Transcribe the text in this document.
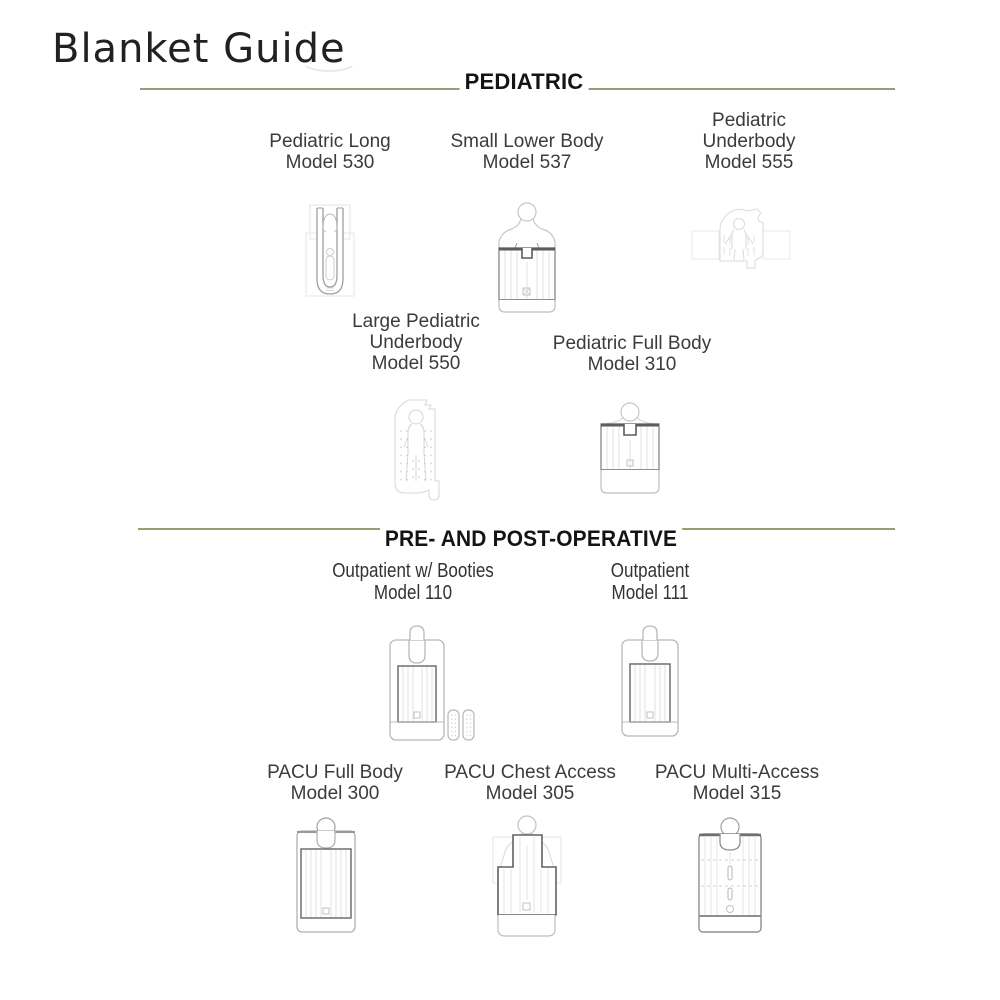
Blanket Guide
PEDIATRIC
Pediatric Long
Model 530
Small Lower Body
Model 537
Pediatric Underbody
Model 555
Large Pediatric Underbody
Model 550
Pediatric Full Body
Model 310
PRE- AND POST-OPERATIVE
Outpatient w/ Booties
Model 110
Outpatient
Model 111
PACU Full Body
Model 300
PACU Chest Access
Model 305
PACU Multi-Access
Model 315
